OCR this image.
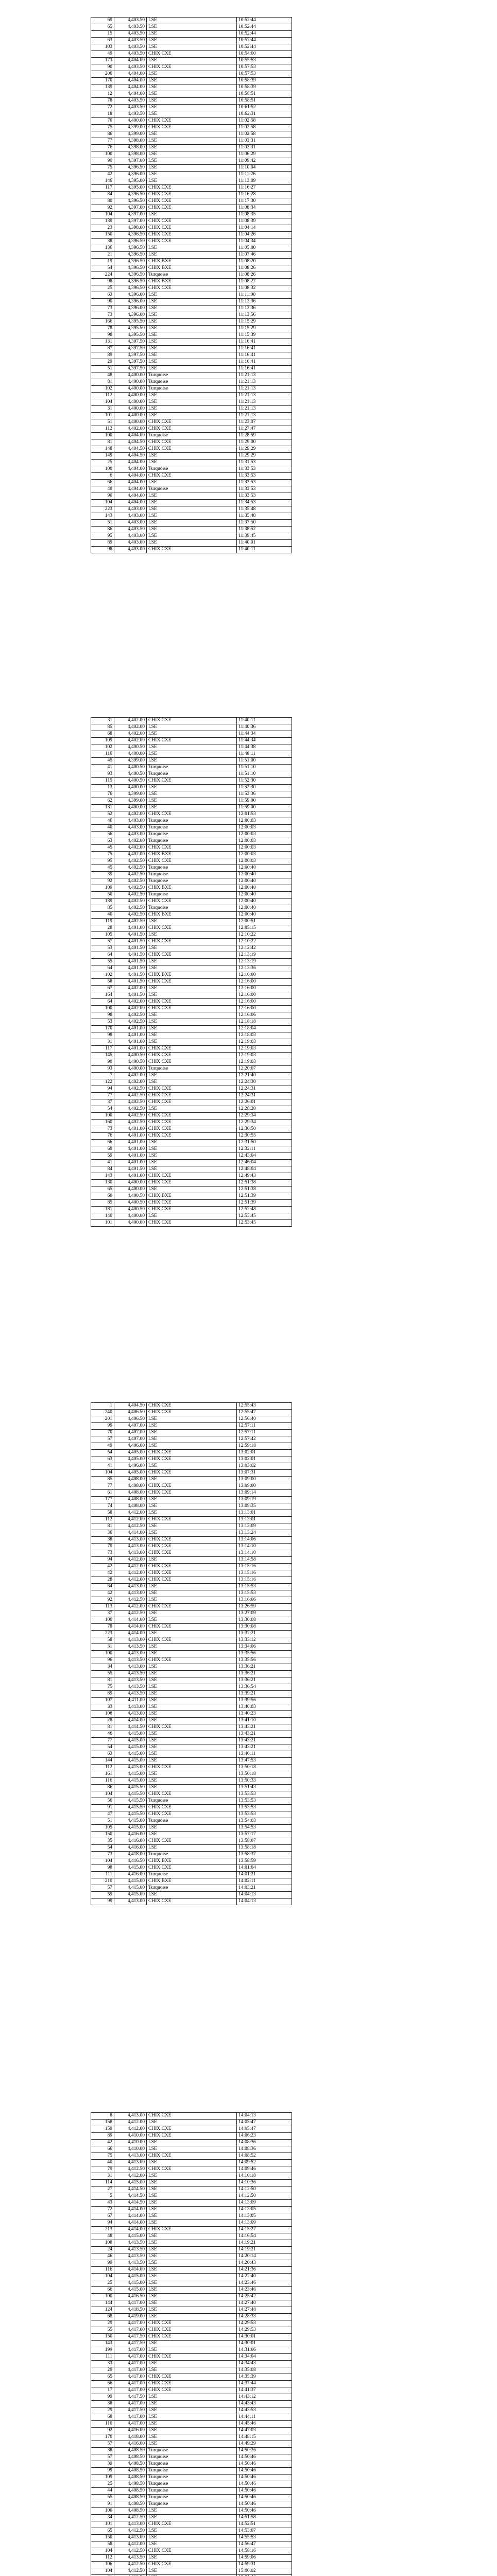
69	4,403.50	LSE	10:52:44
65	4,403.50	LSE	10:52:44
15	4,403.50	LSE	10:52:44
63	4,403.50	LSE	10:52:44
103	4,403.50	LSE	10:52:44
49	4,403.50	CHIX CXE	10:54:00
173	4,404.00	LSE	10:55:53
90	4,403.50	CHIX CXE	10:57:53
206	4,404.00	LSE	10:57:53
170	4,404.00	LSE	10:58:39
139	4,404.00	LSE	10:58:39
12	4,404.00	LSE	10:58:51
78	4,403.50	LSE	10:58:51
72	4,403.50	LSE	10:61:52
18	4,403.50	LSE	10:62:31
70	4,400.00	CHIX CXE	11:02:58
75	4,399.00	CHIX CXE	11:02:58
86	4,399.00	LSE	11:02:58
77	4,398.00	LSE	11:03:31
76	4,398.00	LSE	11:03:31
100	4,398.00	LSE	11:06:29
90	4,397.00	LSE	11:09:42
75	4,396.50	LSE	11:10:04
42	4,396.00	LSE	11:11:26
146	4,395.00	LSE	11:13:09
117	4,395.00	CHIX CXE	11:16:27
84	4,396.50	CHIX CXE	11:16:28
80	4,396.50	CHIX CXE	11:17:30
92	4,397.00	CHIX CXE	11:08:34
104	4,397.00	LSE	11:08:35
139	4,397.00	CHIX CXE	11:08:39
23	4,398.00	CHIX CXE	11:04:14
150	4,396.50	CHIX CXE	11:04:26
38	4,396.50	CHIX CXE	11:04:34
136	4,396.50	LSE	11:05:00
21	4,396.50	LSE	11:07:46
19	4,396.50	CHIX BXE	11:08:20
54	4,396.50	CHIX BXE	11:08:26
224	4,396.50	Turquoise	11:08:26
98	4,396.50	CHIX BXE	11:08:27
25	4,396.50	CHIX CXE	11:08:32
63	4,396.00	LSE	11:11:00
90	4,396.00	LSE	11:13:36
73	4,396.00	LSE	11:13:36
73	4,396.00	LSE	11:13:56
166	4,395.50	LSE	11:15:29
78	4,395.50	LSE	11:15:29
98	4,395.50	LSE	11:15:39
131	4,397.50	LSE	11:16:41
87	4,397.50	LSE	11:16:41
89	4,397.50	LSE	11:16:41
29	4,397.50	LSE	11:16:41
51	4,397.50	LSE	11:16:41
48	4,400.00	Turquoise	11:21:13
81	4,400.00	Turquoise	11:21:13
102	4,400.00	Turquoise	11:21:13
112	4,400.00	LSE	11:21:13
104	4,400.00	LSE	11:21:13
31	4,400.00	LSE	11:21:13
101	4,400.00	LSE	11:21:13
51	4,400.00	CHIX CXE	11:23:07
112	4,402.00	CHIX CXE	11:27:47
100	4,404.00	Turquoise	11:28:59
81	4,404.50	CHIX CXE	11:29:00
148	4,404.50	CHIX CXE	11:29:29
149	4,404.50	LSE	11:29:29
25	4,404.00	LSE	11:31:53
100	4,404.00	Turquoise	11:33:53
6	4,404.00	CHIX CXE	11:33:53
66	4,404.00	LSE	11:33:53
49	4,404.00	Turquoise	11:33:53
90	4,404.00	LSE	11:33:53
104	4,404.00	LSE	11:34:53
223	4,403.00	LSE	11:35:48
143	4,403.00	LSE	11:35:48
51	4,403.00	LSE	11:37:50
86	4,403.50	LSE	11:38:52
95	4,403.00	LSE	11:39:45
89	4,403.00	LSE	11:40:01
98	4,403.00	CHIX CXE	11:40:11
31	4,402.00	CHIX CXE	11:40:11
85	4,402.00	LSE	11:40:36
68	4,402.00	LSE	11:44:34
109	4,402.00	CHIX CXE	11:44:34
102	4,400.50	LSE	11:44:38
116	4,400.00	LSE	11:48:11
45	4,399.00	LSE	11:51:00
41	4,400.50	Turquoise	11:51:10
93	4,400.50	Turquoise	11:51:10
115	4,400.50	CHIX CXE	11:52:30
13	4,400.00	LSE	11:52:30
76	4,399.00	LSE	11:53:36
62	4,399.00	LSE	11:59:00
131	4,400.00	LSE	11:59:00
52	4,402.00	CHIX CXE	12:01:53
46	4,403.00	Turquoise	12:00:03
40	4,403.00	Turquoise	12:00:03
56	4,403.00	Turquoise	12:00:03
63	4,402.00	Turquoise	12:00:03
45	4,402.00	CHIX CXE	12:00:03
75	4,402.00	CHIX BXE	12:00:03
95	4,402.50	CHIX CXE	12:00:03
45	4,402.50	Turquoise	12:00:40
39	4,402.50	Turquoise	12:00:40
92	4,402.50	Turquoise	12:00:40
109	4,402.50	CHIX BXE	12:00:40
50	4,402.50	Turquoise	12:00:40
139	4,402.50	CHIX CXE	12:00:40
85	4,402.50	Turquoise	12:00:40
40	4,402.50	CHIX BXE	12:00:40
119	4,402.50	LSE	12:00:51
28	4,401.00	CHIX CXE	12:05:15
105	4,401.50	LSE	12:10:22
57	4,401.50	CHIX CXE	12:10:22
53	4,401.50	LSE	12:12:42
64	4,401.50	CHIX CXE	12:13:19
55	4,401.50	LSE	12:13:19
64	4,401.50	LSE	12:13:36
102	4,401.50	CHIX BXE	12:16:00
58	4,401.50	CHIX CXE	12:16:00
67	4,402.00	LSE	12:16:00
164	4,401.50	LSE	12:16:00
64	4,402.00	CHIX CXE	12:16:00
100	4,402.00	CHIX CXE	12:16:00
98	4,402.50	LSE	12:16:06
53	4,402.50	LSE	12:18:18
170	4,401.00	LSE	12:18:04
98	4,401.00	LSE	12:18:03
31	4,401.00	LSE	12:19:03
117	4,401.00	CHIX CXE	12:19:03
145	4,400.50	CHIX CXE	12:19:03
90	4,400.50	CHIX CXE	12:19:03
93	4,400.00	Turquoise	12:20:07
7	4,402.00	LSE	12:21:40
122	4,402.00	LSE	12:24:30
94	4,402.50	CHIX CXE	12:24:31
77	4,402.50	CHIX CXE	12:24:31
37	4,402.50	CHIX CXE	12:26:01
54	4,402.50	LSE	12:28:20
100	4,402.50	CHIX CXE	12:29:34
160	4,402.50	CHIX CXE	12:29:34
73	4,401.00	CHIX CXE	12:30:50
76	4,401.00	CHIX CXE	12:30:55
66	4,401.00	LSE	12:31:50
69	4,401.00	LSE	12:32:11
59	4,401.00	LSE	12:43:04
41	4,401.00	LSE	12:46:04
84	4,401.50	LSE	12:48:04
143	4,401.00	CHIX CXE	12:49:43
130	4,400.00	CHIX CXE	12:51:38
65	4,400.00	LSE	12:51:38
60	4,400.50	CHIX BXE	12:51:39
85	4,400.50	CHIX CXE	12:51:39
181	4,400.50	CHIX CXE	12:52:48
140	4,400.00	LSE	12:53:45
101	4,400.00	CHIX CXE	12:53:45
1	4,404.50	CHIX CXE	12:55:43
240	4,406.50	CHIX CXE	12:55:47
201	4,406.50	LSE	12:56:40
99	4,407.00	LSE	12:57:11
70	4,407.00	LSE	12:57:11
57	4,407.00	LSE	12:57:42
49	4,406.00	LSE	12:59:18
54	4,405.00	CHIX CXE	13:02:01
63	4,405.00	CHIX CXE	13:02:01
41	4,406.00	LSE	13:03:02
104	4,405.00	CHIX CXE	13:07:31
85	4,408.00	LSE	13:09:00
77	4,408.00	CHIX CXE	13:09:00
61	4,408.00	CHIX CXE	13:09:14
177	4,408.00	LSE	13:09:19
74	4,408.00	LSE	13:09:35
58	4,412.00	LSE	13:13:01
112	4,412.00	CHIX CXE	13:13:01
81	4,412.50	LSE	13:13:09
36	4,414.00	LSE	13:13:24
38	4,413.00	CHIX CXE	13:14:06
79	4,413.00	CHIX CXE	13:14:10
73	4,413.00	CHIX CXE	13:14:10
94	4,412.00	LSE	13:14:58
42	4,412.00	CHIX CXE	13:15:16
42	4,412.00	CHIX CXE	13:15:16
28	4,412.00	CHIX CXE	13:15:16
64	4,413.00	LSE	13:15:53
42	4,413.00	LSE	13:15:53
92	4,412.50	LSE	13:16:06
113	4,412.00	CHIX CXE	13:26:59
37	4,412.50	LSE	13:27:09
100	4,414.00	LSE	13:30:08
78	4,414.00	CHIX CXE	13:30:08
223	4,414.00	LSE	13:32:21
58	4,413.00	CHIX CXE	13:33:12
31	4,413.50	LSE	13:34:06
100	4,413.00	LSE	13:35:56
96	4,413.50	CHIX CXE	13:35:56
34	4,413.00	LSE	13:36:21
55	4,413.50	LSE	13:36:21
81	4,413.50	LSE	13:36:21
75	4,413.50	LSE	13:36:54
89	4,413.50	LSE	13:39:21
107	4,411.00	LSE	13:39:56
33	4,413.00	LSE	13:40:03
108	4,413.00	LSE	13:40:23
28	4,414.00	LSE	13:41:10
81	4,414.50	CHIX CXE	13:43:21
46	4,415.00	LSE	13:43:21
77	4,415.00	LSE	13:43:21
54	4,415.00	LSE	13:43:21
63	4,415.00	LSE	13:46:11
144	4,415.00	LSE	13:47:53
112	4,415.00	CHIX CXE	13:50:18
161	4,415.00	LSE	13:50:18
116	4,415.00	LSE	13:50:33
86	4,415.50	LSE	13:51:43
104	4,415.50	CHIX CXE	13:53:53
56	4,415.50	Turquoise	13:53:53
91	4,415.50	CHIX CXE	13:53:53
47	4,415.50	CHIX CXE	13:53:53
51	4,415.00	Turquoise	13:54:03
105	4,415.00	LSE	13:54:53
150	4,416.00	LSE	13:57:17
35	4,416.00	CHIX CXE	13:58:07
54	4,416.00	LSE	13:58:18
73	4,418.00	Turquoise	13:58:37
104	4,416.50	CHIX BXE	13:58:59
98	4,415.00	CHIX CXE	14:01:04
111	4,416.00	Turquoise	14:01:21
210	4,415.00	CHIX BXE	14:02:11
57	4,415.00	Turquoise	14:03:21
59	4,415.00	LSE	14:04:13
99	4,413.00	CHIX CXE	14:04:13
8	4,413.00	CHIX CXE	14:04:13
158	4,412.00	LSE	14:05:47
159	4,412.00	CHIX CXE	14:05:47
89	4,410.00	CHIX CXE	14:06:23
42	4,410.00	LSE	14:08:36
66	4,410.00	LSE	14:08:36
75	4,413.00	CHIX CXE	14:08:52
40	4,413.00	LSE	14:09:52
79	4,412.50	CHIX CXE	14:09:46
31	4,412.00	LSE	14:10:18
114	4,415.00	LSE	14:10:36
27	4,414.50	LSE	14:12:50
5	4,414.50	LSE	14:12:50
43	4,414.50	LSE	14:13:09
72	4,414.00	LSE	14:13:05
67	4,414.00	LSE	14:13:05
94	4,414.00	LSE	14:13:09
213	4,414.00	CHIX CXE	14:15:27
48	4,415.00	LSE	14:16:54
108	4,413.50	LSE	14:19:21
24	4,413.50	LSE	14:19:21
46	4,413.50	LSE	14:20:14
99	4,413.50	LSE	14:20:43
116	4,414.00	LSE	14:21:36
104	4,415.00	LSE	14:22:40
25	4,415.00	LSE	14:23:46
66	4,415.00	LSE	14:23:46
100	4,416.50	LSE	14:25:42
144	4,417.00	LSE	14:27:40
124	4,418.50	LSE	14:27:48
68	4,419.00	LSE	14:28:33
29	4,417.00	CHIX CXE	14:29:53
55	4,417.00	CHIX CXE	14:29:53
150	4,417.50	CHIX CXE	14:30:01
143	4,417.50	LSE	14:30:01
199	4,417.00	LSE	14:31:06
111	4,417.00	CHIX CXE	14:34:04
33	4,417.00	LSE	14:34:43
29	4,417.00	LSE	14:35:08
65	4,417.00	CHIX CXE	14:35:39
66	4,417.00	CHIX CXE	14:37:44
17	4,417.00	CHIX CXE	14:41:37
99	4,417.50	LSE	14:43:12
38	4,417.00	LSE	14:43:43
29	4,417.50	LSE	14:43:53
68	4,417.00	LSE	14:44:11
110	4,417.00	LSE	14:45:46
92	4,416.00	LSE	14:47:03
170	4,418.00	LSE	14:48:15
57	4,416.00	LSE	14:49:29
38	4,408.50	Turquoise	14:50:26
57	4,408.50	Turquoise	14:50:46
39	4,408.50	Turquoise	14:50:46
99	4,408.50	Turquoise	14:50:46
109	4,408.50	Turquoise	14:50:46
25	4,408.50	Turquoise	14:50:46
44	4,408.50	Turquoise	14:50:46
55	4,408.50	Turquoise	14:50:46
91	4,408.50	Turquoise	14:50:46
100	4,408.50	LSE	14:50:46
34	4,412.50	LSE	14:51:58
101	4,413.00	CHIX CXE	14:52:51
65	4,412.50	LSE	14:53:07
150	4,413.00	LSE	14:55:53
58	4,412.00	LSE	14:56:47
104	4,412.50	CHIX CXE	14:58:16
112	4,413.50	LSE	14:59:06
106	4,412.50	CHIX CXE	14:59:31
104	4,412.50	LSE	15:00:02
